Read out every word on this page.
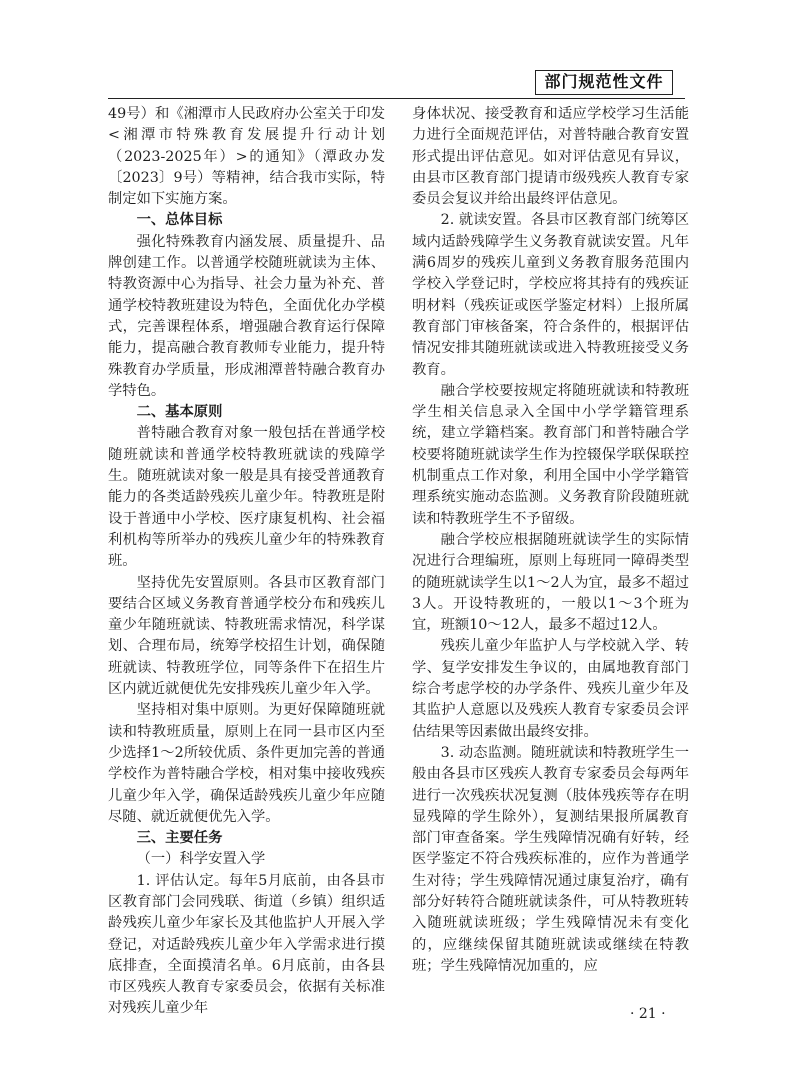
部门规范性文件

49号）和《湘潭市人民政府办公室关于印发<湘潭市特殊教育发展提升行动计划（2023-2025年）>的通知》（潭政办发〔2023〕9号）等精神，结合我市实际，特制定如下实施方案。

一、总体目标

强化特殊教育内涵发展、质量提升、品牌创建工作。以普通学校随班就读为主体、特教资源中心为指导、社会力量为补充、普通学校特教班建设为特色，全面优化办学模式，完善课程体系，增强融合教育运行保障能力，提高融合教育教师专业能力，提升特殊教育办学质量，形成湘潭普特融合教育办学特色。

二、基本原则

普特融合教育对象一般包括在普通学校随班就读和普通学校特教班就读的残障学生。随班就读对象一般是具有接受普通教育能力的各类适龄残疾儿童少年。特教班是附设于普通中小学校、医疗康复机构、社会福利机构等所举办的残疾儿童少年的特殊教育班。

坚持优先安置原则。各县市区教育部门要结合区域义务教育普通学校分布和残疾儿童少年随班就读、特教班需求情况，科学谋划、合理布局，统筹学校招生计划，确保随班就读、特教班学位，同等条件下在招生片区内就近就便优先安排残疾儿童少年入学。

坚持相对集中原则。为更好保障随班就读和特教班质量，原则上在同一县市区内至少选择1～2所较优质、条件更加完善的普通学校作为普特融合学校，相对集中接收残疾儿童少年入学，确保适龄残疾儿童少年应随尽随、就近就便优先入学。

三、主要任务

（一）科学安置入学

1. 评估认定。每年5月底前，由各县市区教育部门会同残联、街道（乡镇）组织适龄残疾儿童少年家长及其他监护人开展入学登记，对适龄残疾儿童少年入学需求进行摸底排查，全面摸清名单。6月底前，由各县市区残疾人教育专家委员会，依据有关标准对残疾儿童少年

身体状况、接受教育和适应学校学习生活能力进行全面规范评估，对普特融合教育安置形式提出评估意见。如对评估意见有异议，由县市区教育部门提请市级残疾人教育专家委员会复议并给出最终评估意见。

2. 就读安置。各县市区教育部门统筹区域内适龄残障学生义务教育就读安置。凡年满6周岁的残疾儿童到义务教育服务范围内学校入学登记时，学校应将其持有的残疾证明材料（残疾证或医学鉴定材料）上报所属教育部门审核备案，符合条件的，根据评估情况安排其随班就读或进入特教班接受义务教育。

融合学校要按规定将随班就读和特教班学生相关信息录入全国中小学学籍管理系统，建立学籍档案。教育部门和普特融合学校要将随班就读学生作为控辍保学联保联控机制重点工作对象，利用全国中小学学籍管理系统实施动态监测。义务教育阶段随班就读和特教班学生不予留级。

融合学校应根据随班就读学生的实际情况进行合理编班，原则上每班同一障碍类型的随班就读学生以1～2人为宜，最多不超过3人。开设特教班的，一般以1～3个班为宜，班额10～12人，最多不超过12人。

残疾儿童少年监护人与学校就入学、转学、复学安排发生争议的，由属地教育部门综合考虑学校的办学条件、残疾儿童少年及其监护人意愿以及残疾人教育专家委员会评估结果等因素做出最终安排。

3. 动态监测。随班就读和特教班学生一般由各县市区残疾人教育专家委员会每两年进行一次残疾状况复测（肢体残疾等存在明显残障的学生除外），复测结果报所属教育部门审查备案。学生残障情况确有好转，经医学鉴定不符合残疾标准的，应作为普通学生对待；学生残障情况通过康复治疗，确有部分好转符合随班就读条件，可从特教班转入随班就读班级；学生残障情况未有变化的，应继续保留其随班就读或继续在特教班；学生残障情况加重的，应

· 21 ·
